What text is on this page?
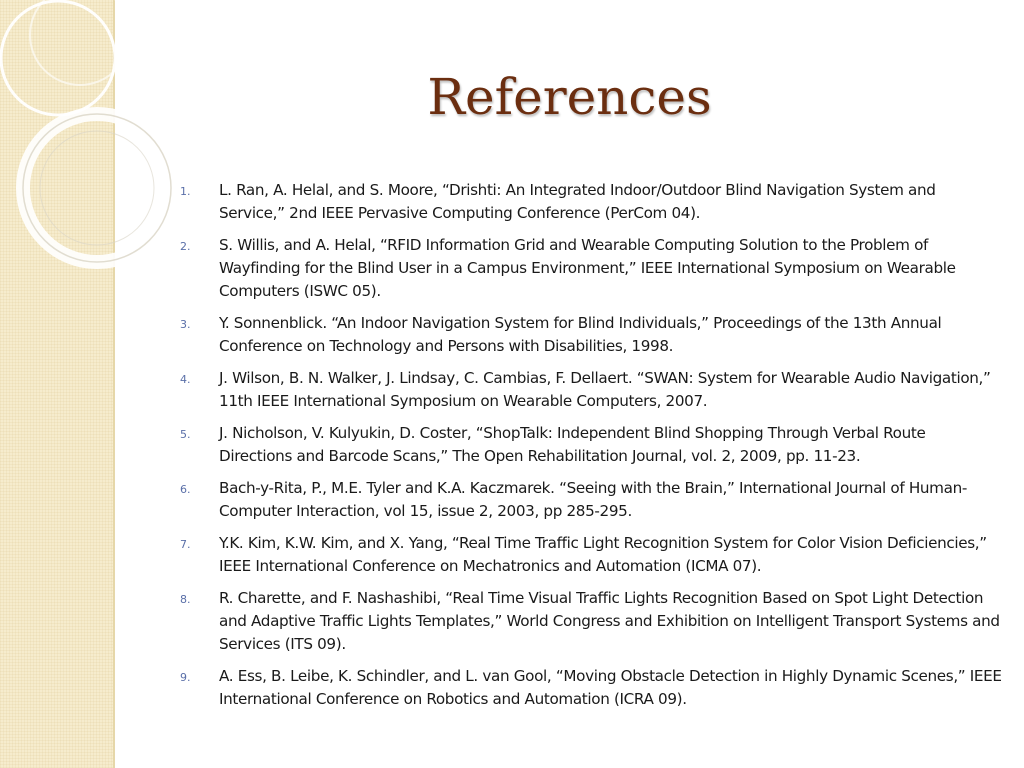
References
1.	L. Ran, A. Helal, and S. Moore, “Drishti: An Integrated Indoor/Outdoor Blind Navigation System and Service,” 2nd IEEE Pervasive Computing Conference (PerCom 04).
2.	S. Willis, and A. Helal, “RFID Information Grid and Wearable Computing Solution to the Problem of Wayfinding for the Blind User in a Campus Environment,” IEEE International Symposium on Wearable Computers (ISWC 05).
3.	Y. Sonnenblick. “An Indoor Navigation System for Blind Individuals,” Proceedings of the 13th Annual Conference on Technology and Persons with Disabilities, 1998.
4.	J. Wilson, B. N. Walker, J. Lindsay, C. Cambias, F. Dellaert. “SWAN: System for Wearable Audio Navigation,” 11th IEEE International Symposium on Wearable Computers, 2007.
5.	J. Nicholson, V. Kulyukin, D. Coster, “ShopTalk: Independent Blind Shopping Through Verbal Route Directions and Barcode Scans,” The Open Rehabilitation Journal, vol. 2, 2009, pp. 11-23.
6.	Bach-y-Rita, P., M.E. Tyler and K.A. Kaczmarek. “Seeing with the Brain,” International Journal of Human-Computer Interaction, vol 15, issue 2, 2003, pp 285-295.
7.	Y.K. Kim, K.W. Kim, and X. Yang, “Real Time Traffic Light Recognition System for Color Vision Deficiencies,” IEEE International Conference on Mechatronics and Automation (ICMA 07).
8.	R. Charette, and F. Nashashibi, “Real Time Visual Traffic Lights Recognition Based on Spot Light Detection and Adaptive Traffic Lights Templates,” World Congress and Exhibition on Intelligent Transport Systems and Services (ITS 09).
9.	A. Ess, B. Leibe, K. Schindler, and L. van Gool, “Moving Obstacle Detection in Highly Dynamic Scenes,” IEEE International Conference on Robotics and Automation (ICRA 09).
